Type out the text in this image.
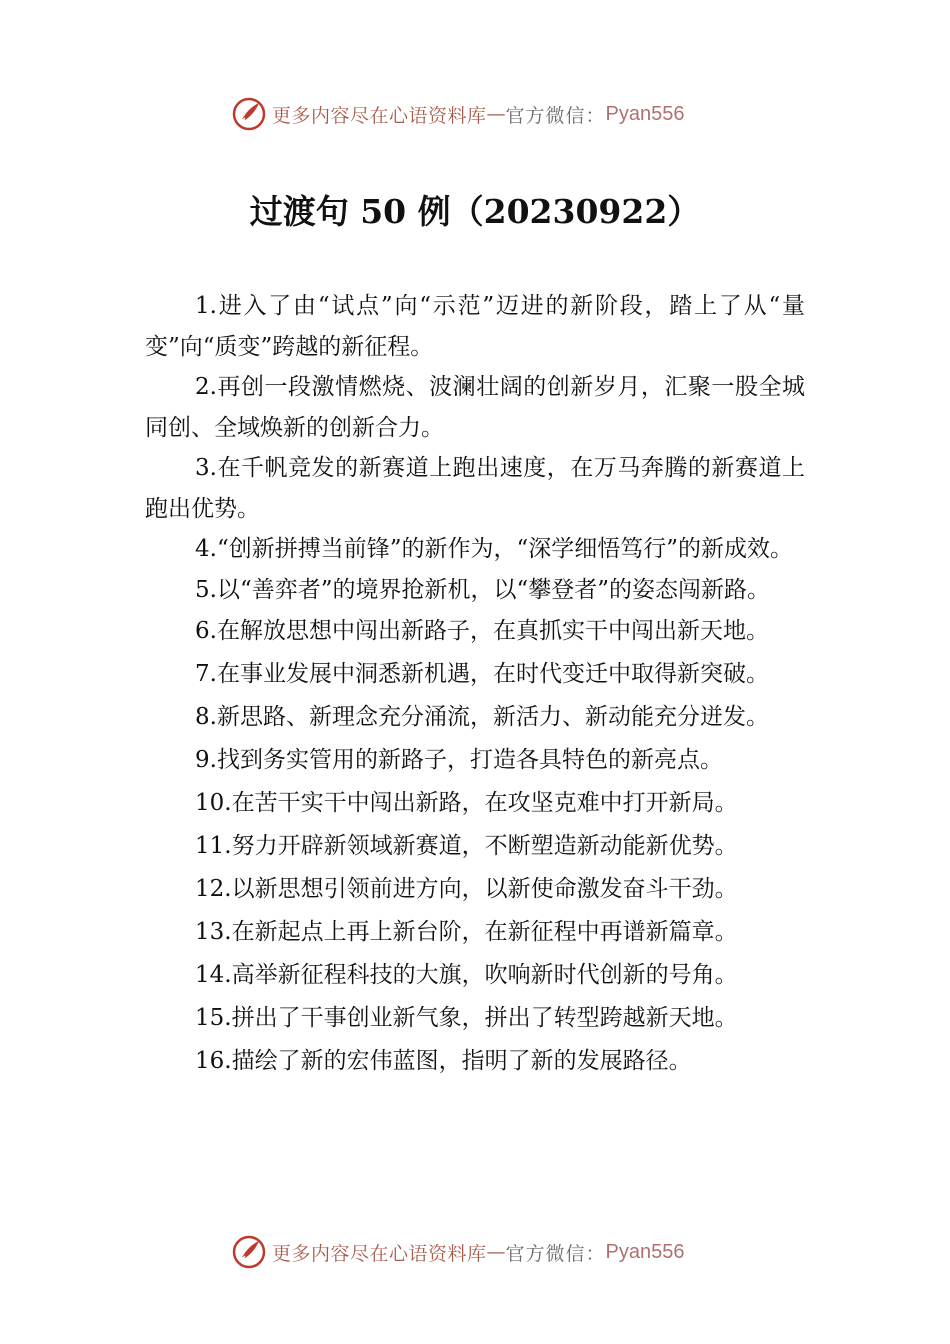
更多内容尽在心语资料库 — 官方微信： Pyan556
过渡句 50 例（20230922）

1.进入了由“试点”向“示范”迈进的新阶段，踏上了从“量变”向“质变”跨越的新征程。

2.再创一段激情燃烧、波澜壮阔的创新岁月，汇聚一股全城同创、全域焕新的创新合力。

3.在千帆竞发的新赛道上跑出速度，在万马奔腾的新赛道上跑出优势。

4.“创新拼搏当前锋”的新作为，“深学细悟笃行”的新成效。

5.以“善弈者”的境界抢新机，以“攀登者”的姿态闯新路。

6.在解放思想中闯出新路子，在真抓实干中闯出新天地。

7.在事业发展中洞悉新机遇，在时代变迁中取得新突破。

8.新思路、新理念充分涌流，新活力、新动能充分迸发。

9.找到务实管用的新路子，打造各具特色的新亮点。

10.在苦干实干中闯出新路，在攻坚克难中打开新局。

11.努力开辟新领域新赛道，不断塑造新动能新优势。

12.以新思想引领前进方向，以新使命激发奋斗干劲。

13.在新起点上再上新台阶，在新征程中再谱新篇章。

14.高举新征程科技的大旗，吹响新时代创新的号角。

15.拼出了干事创业新气象，拼出了转型跨越新天地。

16.描绘了新的宏伟蓝图，指明了新的发展路径。

更多内容尽在心语资料库 — 官方微信： Pyan556
